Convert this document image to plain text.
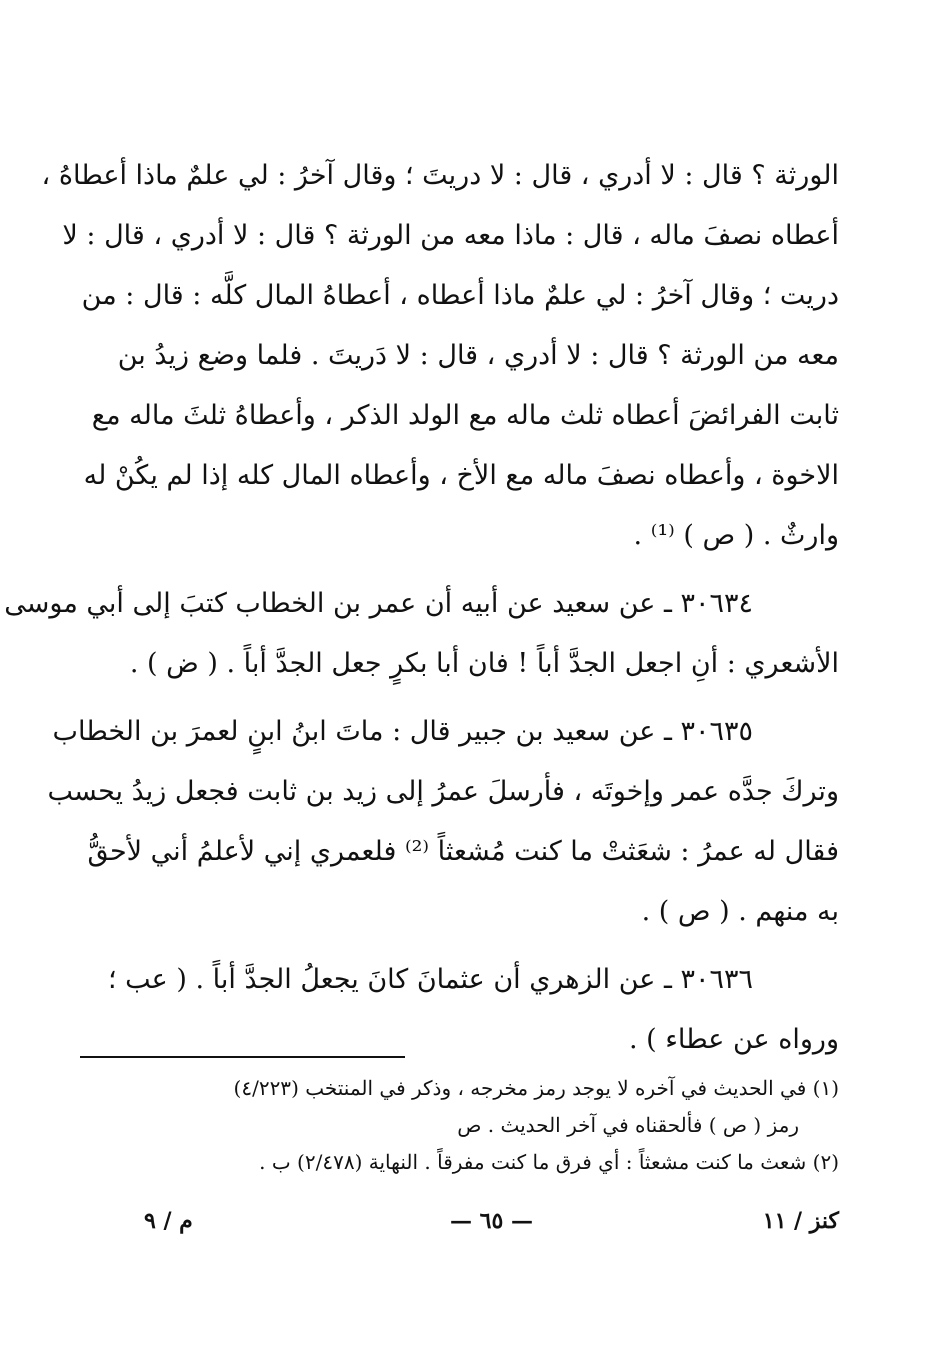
الورثة ؟ قال : لا أدري ، قال : لا دريتَ ؛ وقال آخرُ : لي علمٌ ماذا أعطاهُ ،
أعطاه نصفَ ماله ، قال : ماذا معه من الورثة ؟ قال : لا أدري ، قال : لا
دريت ؛ وقال آخرُ : لي علمٌ ماذا أعطاه ، أعطاهُ المال كلَّه : قال : من
معه من الورثة ؟ قال : لا أدري ، قال : لا دَريتَ . فلما وضع زيدُ بن
ثابت الفرائضَ أعطاه ثلث ماله مع الولد الذكر ، وأعطاهُ ثلثَ ماله مع
الاخوة ، وأعطاه نصفَ ماله مع الأخ ، وأعطاه المال كله إذا لم يكُنْ له
وارثٌ . ( ص ) ⁽¹⁾ .
٣٠٦٣٤ ـ عن سعيد عن أبيه أن عمر بن الخطاب كتبَ إلى أبي موسى
الأشعري : أنِ اجعل الجدَّ أباً ! فان أبا بكرٍ جعل الجدَّ أباً . ( ض ) .
٣٠٦٣٥ ـ عن سعيد بن جبير قال : ماتَ ابنُ ابنٍ لعمرَ بن الخطاب
وتركَ جدَّه عمر وإخوتَه ، فأرسلَ عمرُ إلى زيد بن ثابت فجعل زيدُ يحسب
فقال له عمرُ : شعَثتْ ما كنت مُشعثاً ⁽²⁾ فلعمري إني لأعلمُ أني لأحقُّ
به منهم . ( ص ) .
٣٠٦٣٦ ـ عن الزهري أن عثمانَ كانَ يجعلُ الجدَّ أباً . ( عب ؛
ورواه عن عطاء ) .
(١) في الحديث في آخره لا يوجد رمز مخرجه ، وذكر في المنتخب (٤/٢٢٣)
رمز ( ص ) فألحقناه في آخر الحديث . ص
(٢) شعث ما كنت مشعثاً : أي فرق ما كنت مفرقاً . النهاية (٢/٤٧٨) ب .
كنز / ١١
— ٦٥ —
م / ٩
